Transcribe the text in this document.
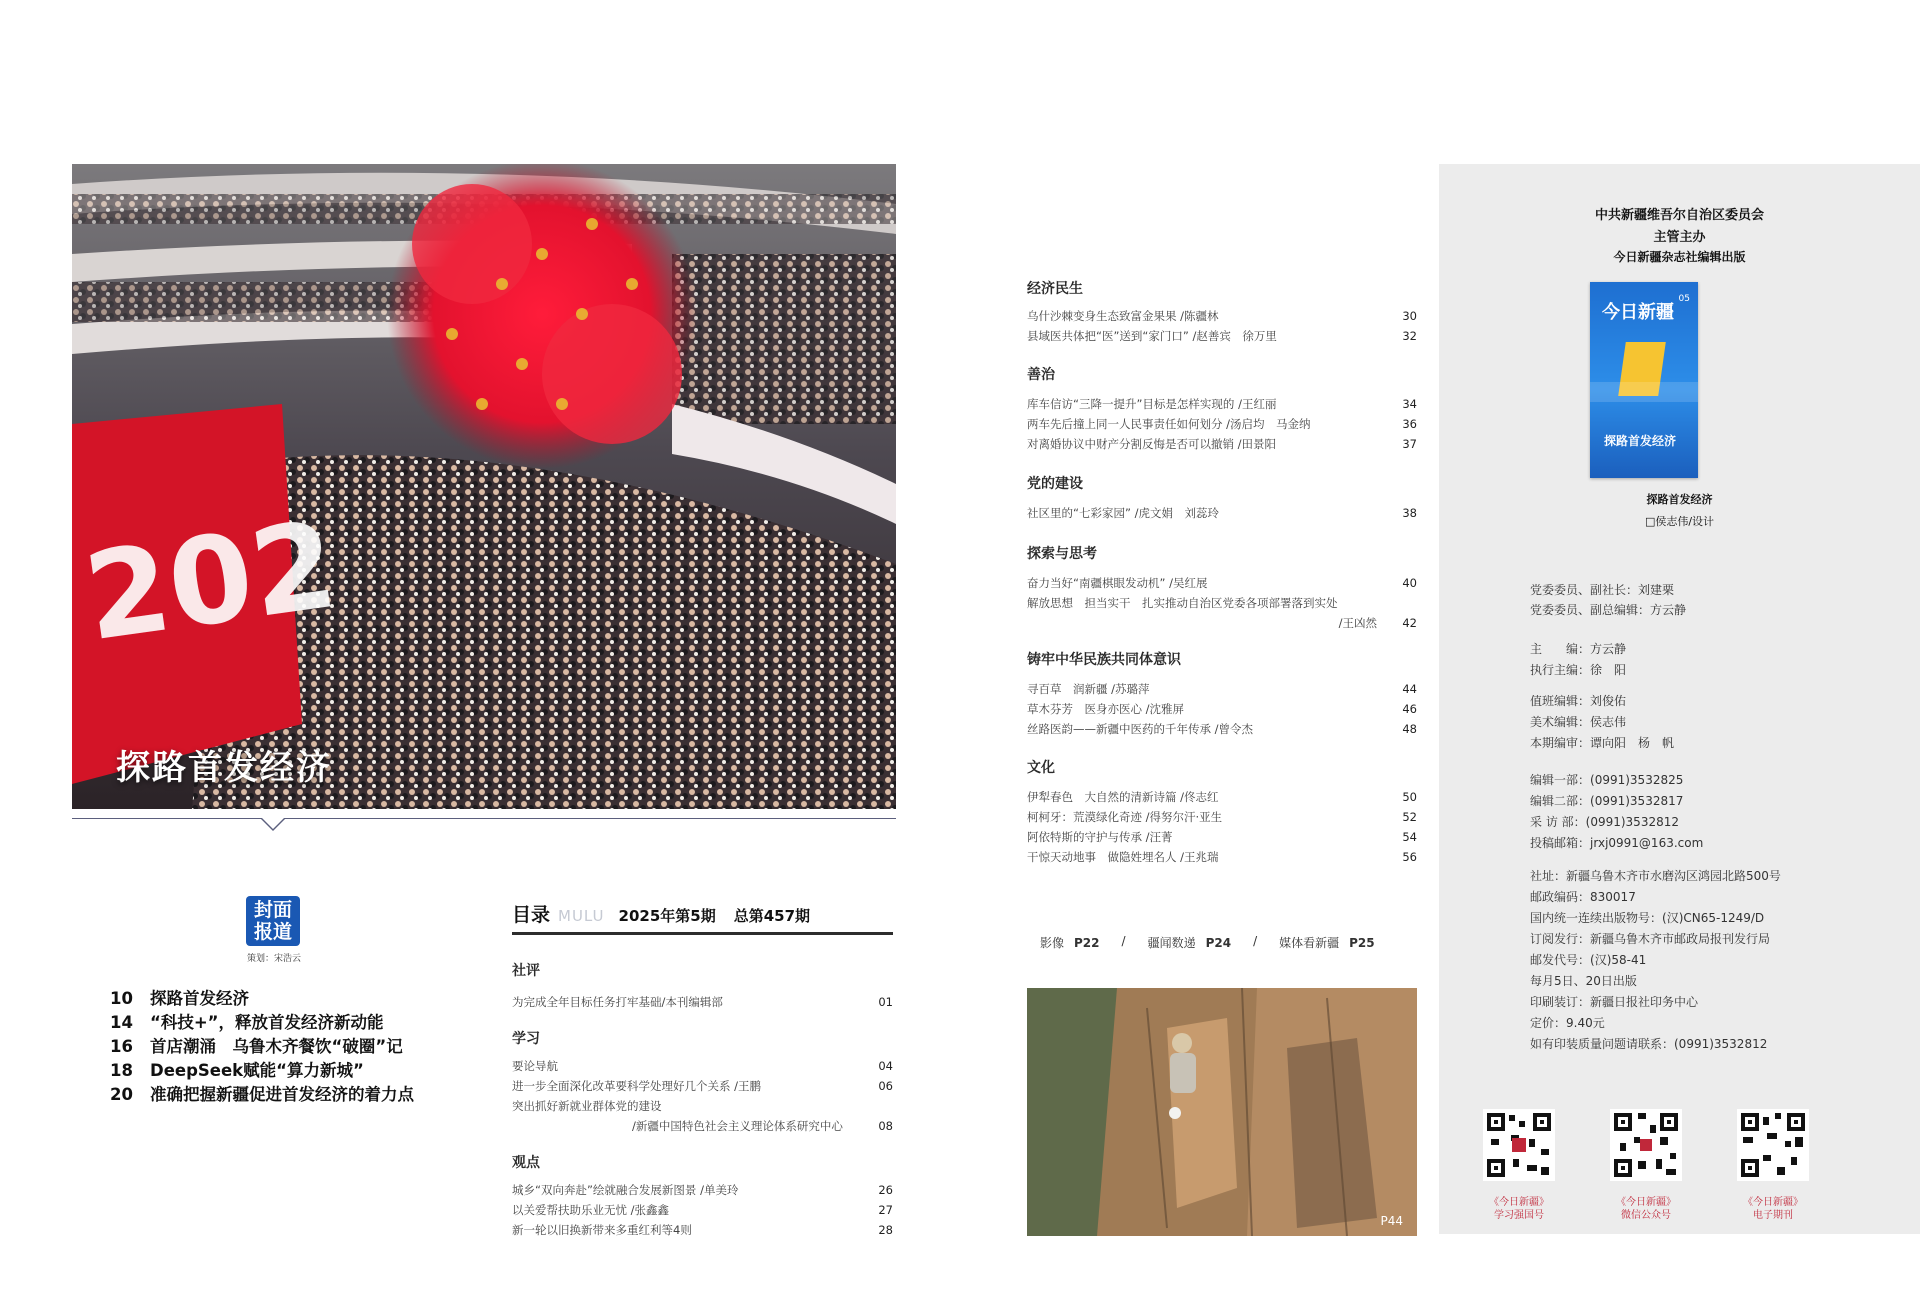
202
探路首发经济
封面
报道
策划：宋浩云
10	探路首发经济
14	“科技+”，释放首发经济新动能
16	首店潮涌　乌鲁木齐餐饮“破圈”记
18	DeepSeek赋能“算力新城”
20	准确把握新疆促进首发经济的着力点
目录 MULU 2025年第5期 总第457期
社评
为完成全年目标任务打牢基础/本刊编辑部	01
学习
要论导航	04
进一步全面深化改革要科学处理好几个关系 /王鹏	06
突出抓好新就业群体党的建设
/新疆中国特色社会主义理论体系研究中心	08
观点
城乡“双向奔赴”绘就融合发展新图景 /单美玲	26
以关爱帮扶助乐业无忧 /张鑫鑫	27
新一轮以旧换新带来多重红利等4则	28
经济民生
乌什沙棘变身生态致富金果果 /陈疆林	30
县域医共体把“医”送到“家门口” /赵善宾　徐万里	32
善治
库车信访“三降一提升”目标是怎样实现的 /王红丽	34
两车先后撞上同一人民事责任如何划分 /汤启均　马金纳	36
对离婚协议中财产分割反悔是否可以撤销 /田景阳	37
党的建设
社区里的“七彩家园” /虎文娟　刘蕊玲	38
探索与思考
奋力当好“南疆棋眼发动机” /吴红展	40
解放思想　担当实干　扎实推动自治区党委各项部署落到实处
/王凶然 42
铸牢中华民族共同体意识
寻百草　润新疆 /苏璐萍	44
草木芬芳　医身亦医心 /沈雅屏	46
丝路医韵——新疆中医药的千年传承 /曾令杰	48
文化
伊犁春色　大自然的清新诗篇 /佟志红	50
柯柯牙：荒漠绿化奇迹 /得努尔汗·亚生	52
阿依特斯的守护与传承 /汪菁	54
干惊天动地事　做隐姓埋名人 /王兆瑞	56
影像 P22 / 疆闻数递 P24 / 媒体看新疆 P25
P44
中共新疆维吾尔自治区委员会
主管主办
今日新疆杂志社编辑出版
探路首发经济
□侯志伟/设计
今日新疆
05
探路首发经济
党委委员、副社长：刘建栗
党委委员、副总编辑：方云静
主　　编：方云静
执行主编：徐　阳
值班编辑：刘俊佑
美术编辑：侯志伟
本期编审：谭向阳　杨　帆
编辑一部：(0991)3532825
编辑二部：(0991)3532817
采 访 部：(0991)3532812
投稿邮箱：jrxj0991@163.com
社址：新疆乌鲁木齐市水磨沟区鸿园北路500号
邮政编码：830017
国内统一连续出版物号：(汉)CN65-1249/D
订阅发行：新疆乌鲁木齐市邮政局报刊发行局
邮发代号：(汉)58-41
每月5日、20日出版
印刷装订：新疆日报社印务中心
定价：9.40元
如有印装质量问题请联系：(0991)3532812
《今日新疆》
学习强国号
《今日新疆》
微信公众号
《今日新疆》
电子期刊
